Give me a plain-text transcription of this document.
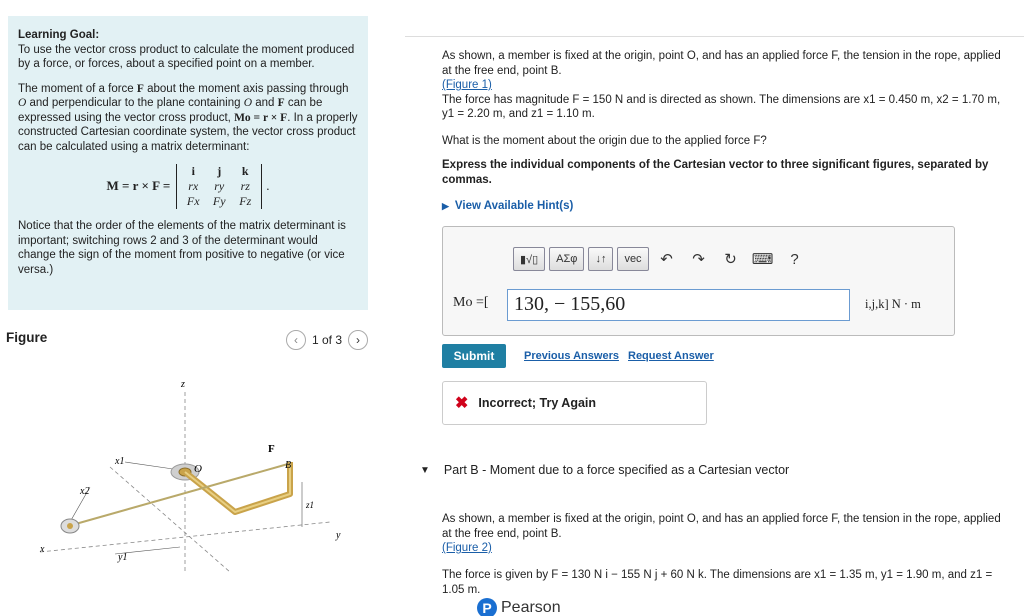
Learning Goal:

To use the vector cross product to calculate the moment produced by a force, or forces, about a specified point on a member.

The moment of a force F about the moment axis passing through O and perpendicular to the plane containing O and F can be expressed using the vector cross product, Mo = r × F. In a properly constructed Cartesian coordinate system, the vector cross product can be calculated using a matrix determinant:

M = r × F =
i	j	k
rx	ry	rz
Fx	Fy	Fz
.

Notice that the order of the elements of the matrix determinant is important; switching rows 2 and 3 of the determinant would change the sign of the moment from positive to negative (or vice versa.)

Figure	‹ 1 of 3 ›
z
x1
x2
x
y1
y
O
F
B
z1
As shown, a member is fixed at the origin, point O, and has an applied force F, the tension in the rope, applied at the free end, point B.
(Figure 1)
The force has magnitude F = 150 N and is directed as shown. The dimensions are x1 = 0.450 m, x2 = 1.70 m, y1 = 2.20 m, and z1 = 1.10 m.
What is the moment about the origin due to the applied force F?
Express the individual components of the Cartesian vector to three significant figures, separated by commas.
▶ View Available Hint(s)
▮√▯	ΑΣφ	↓↑	vec	↶	↷	↻ ⌨	?
Mo =[	130, − 155,60	i,j,k] N · m
Submit	Previous Answers Request Answer
✖ Incorrect; Try Again
▼ Part B - Moment due to a force specified as a Cartesian vector
As shown, a member is fixed at the origin, point O, and has an applied force F, the tension in the rope, applied at the free end, point B.
(Figure 2)
The force is given by F = 130 N i − 155 N j + 60 N k. The dimensions are x1 = 1.35 m, y1 = 1.90 m, and z1 = 1.05 m.
P Pearson
